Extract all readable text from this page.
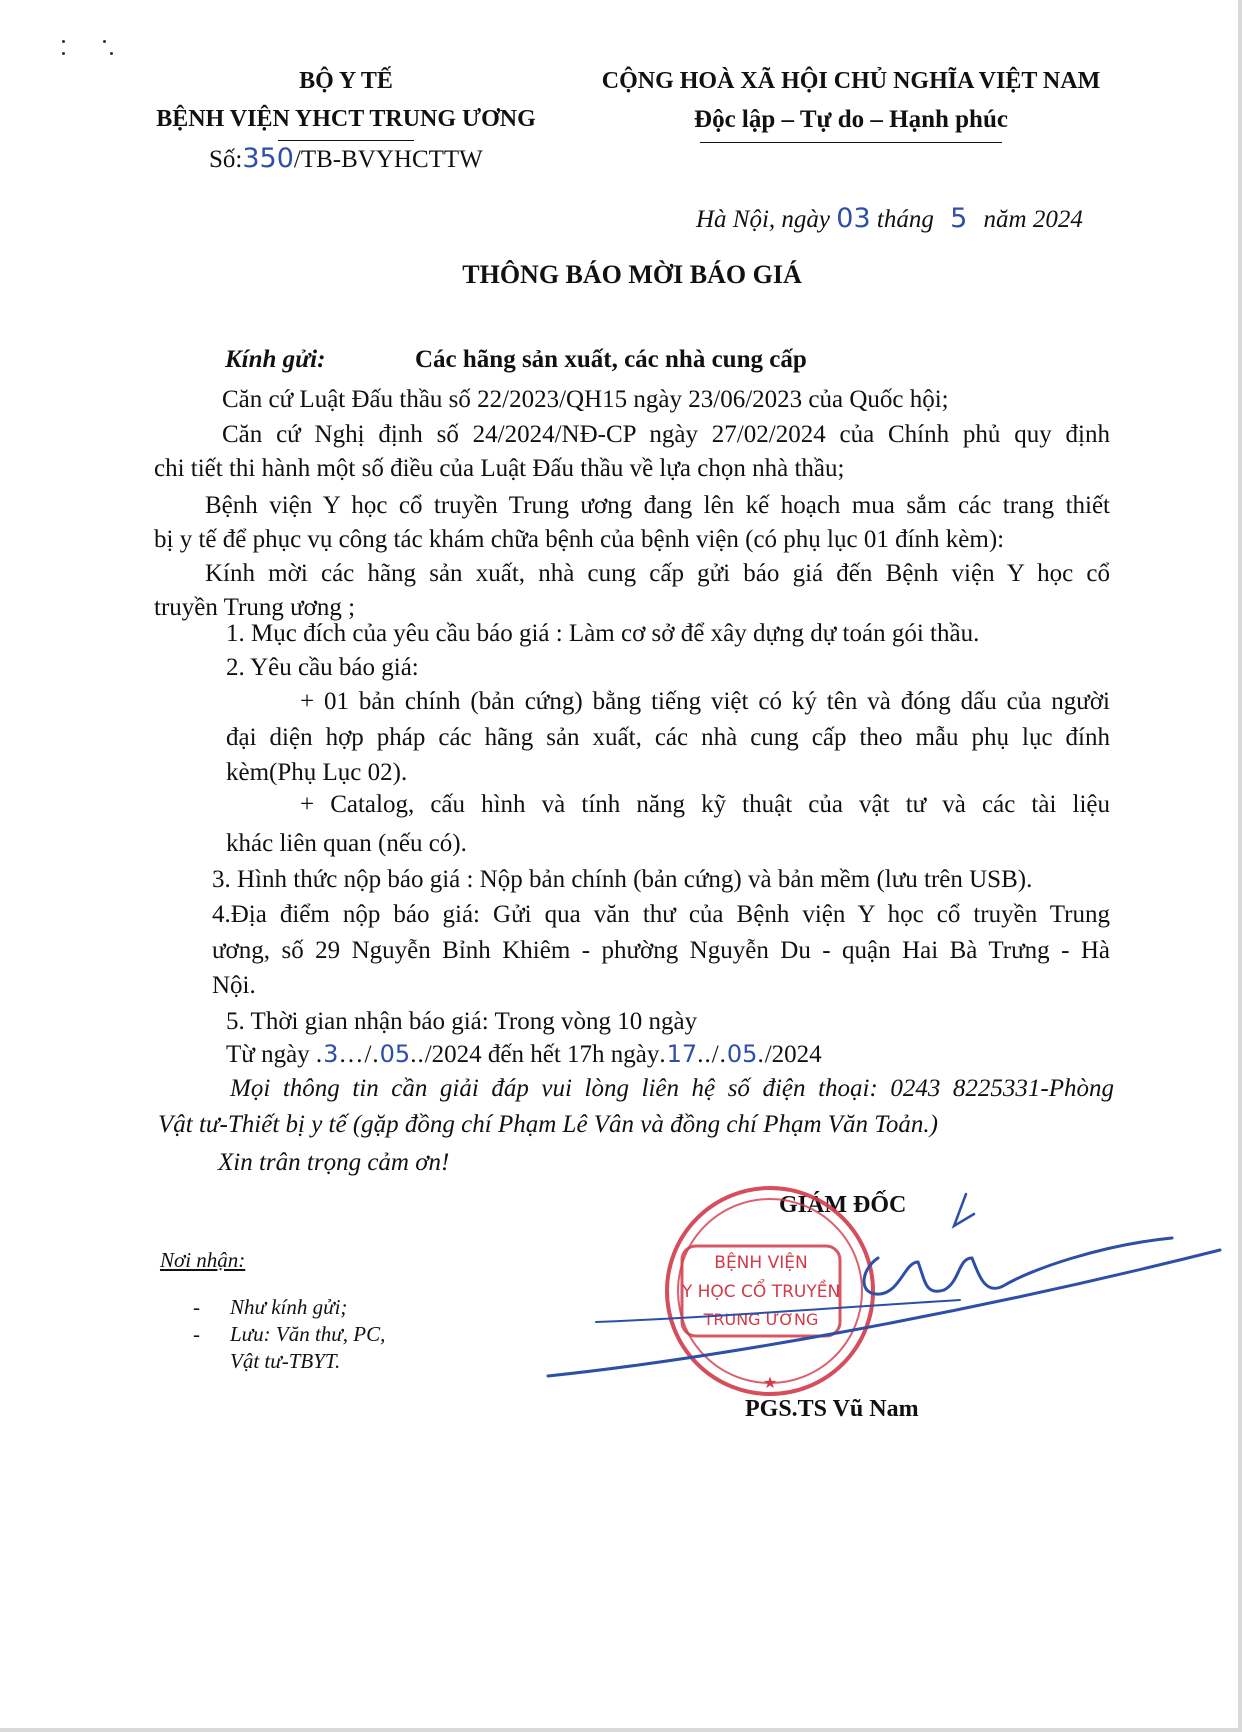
BỘ Y TẾ
BỆNH VIỆN YHCT TRUNG ƯƠNG
Số:350/TB-BVYHCTTW
CỘNG HOÀ XÃ HỘI CHỦ NGHĨA VIỆT NAM
Độc lập – Tự do – Hạnh phúc
Hà Nội, ngày 03 tháng 5 năm 2024
THÔNG BÁO MỜI BÁO GIÁ
Kính gửi:	Các hãng sản xuất, các nhà cung cấp
Căn cứ Luật Đấu thầu số 22/2023/QH15 ngày 23/06/2023 của Quốc hội;
Căn cứ Nghị định số 24/2024/NĐ-CP ngày 27/02/2024 của Chính phủ quy định
chi tiết thi hành một số điều của Luật Đấu thầu về lựa chọn nhà thầu;
Bệnh viện Y học cổ truyền Trung ương đang lên kế hoạch mua sắm các trang thiết
bị y tế để phục vụ công tác khám chữa bệnh của bệnh viện (có phụ lục 01 đính kèm):
Kính mời các hãng sản xuất, nhà cung cấp gửi báo giá đến Bệnh viện Y học cổ
truyền Trung ương ;
1. Mục đích của yêu cầu báo giá : Làm cơ sở để xây dựng dự toán gói thầu.
2. Yêu cầu báo giá:
+ 01 bản chính (bản cứng) bằng tiếng việt có ký tên và đóng dấu của người
đại diện hợp pháp các hãng sản xuất, các nhà cung cấp theo mẫu phụ lục đính
kèm(Phụ Lục 02).
+ Catalog, cấu hình và tính năng kỹ thuật của vật tư và các tài liệu
khác liên quan (nếu có).
3. Hình thức nộp báo giá : Nộp bản chính (bản cứng) và bản mềm (lưu trên USB).
4.Địa điểm nộp báo giá: Gửi qua văn thư của Bệnh viện Y học cổ truyền Trung
ương, số 29 Nguyễn Bỉnh Khiêm - phường Nguyễn Du - quận Hai Bà Trưng - Hà
Nội.
5. Thời gian nhận báo giá: Trong vòng 10 ngày
Từ ngày .3…/.05../2024 đến hết 17h ngày.17../.05./2024
Mọi thông tin cần giải đáp vui lòng liên hệ số điện thoại: 0243 8225331-Phòng
Vật tư-Thiết bị y tế (gặp đồng chí Phạm Lê Vân và đồng chí Phạm Văn Toản.)
Xin trân trọng cảm ơn!
Nơi nhận:
- Như kính gửi;
- Lưu: Văn thư, PC,
Vật tư-TBYT.
GIÁM ĐỐC
PGS.TS Vũ Nam
BỆNH VIỆN
Y HỌC CỔ TRUYỀN
TRUNG ƯƠNG
★
